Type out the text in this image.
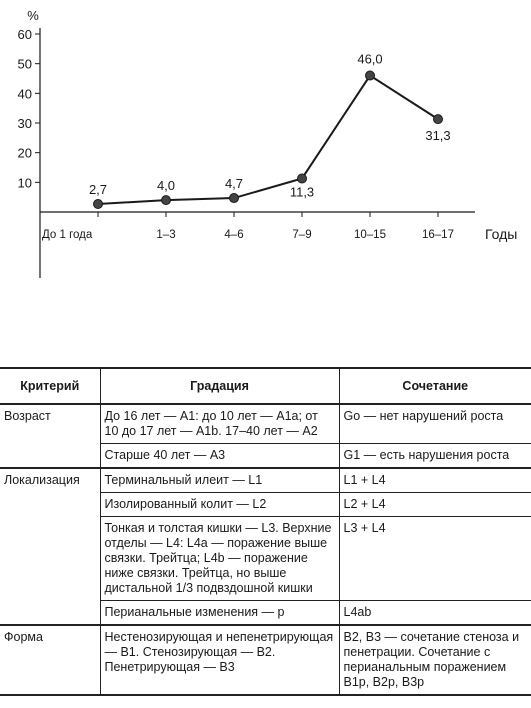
10
20
30
40
50
60
До 1 года	1–3	4–6	7–9	10–15	16–17
2,7	4,0	4,7
11,3
46,0
31,3
%
Годы
Критерий	Градация	Сочетание
Возраст	До 16 лет — A1: до 10 лет — A1a; от 10 до 17 лет — A1b. 17–40 лет — A2	Go — нет нарушений роста
	Старше 40 лет — A3	G1 — есть нарушения роста
Локализация	Терминальный илеит — L1	L1 + L4
	Изолированный колит — L2	L2 + L4
	Тонкая и толстая кишки — L3. Верхние отделы — L4: L4a — поражение выше связки. Трейтца; L4b — поражение ниже связки. Трейтца, но выше дистальной 1/3 подвздошной кишки	L3 + L4
	Перианальные изменения — p	L4ab
Форма	Нестенозирующая и непенетрирующая — B1. Стенозирующая — B2. Пенетрирующая — B3	B2, B3 — сочетание стеноза и пенетрации. Сочетание с перианальным поражением B1p, B2p, B3p
